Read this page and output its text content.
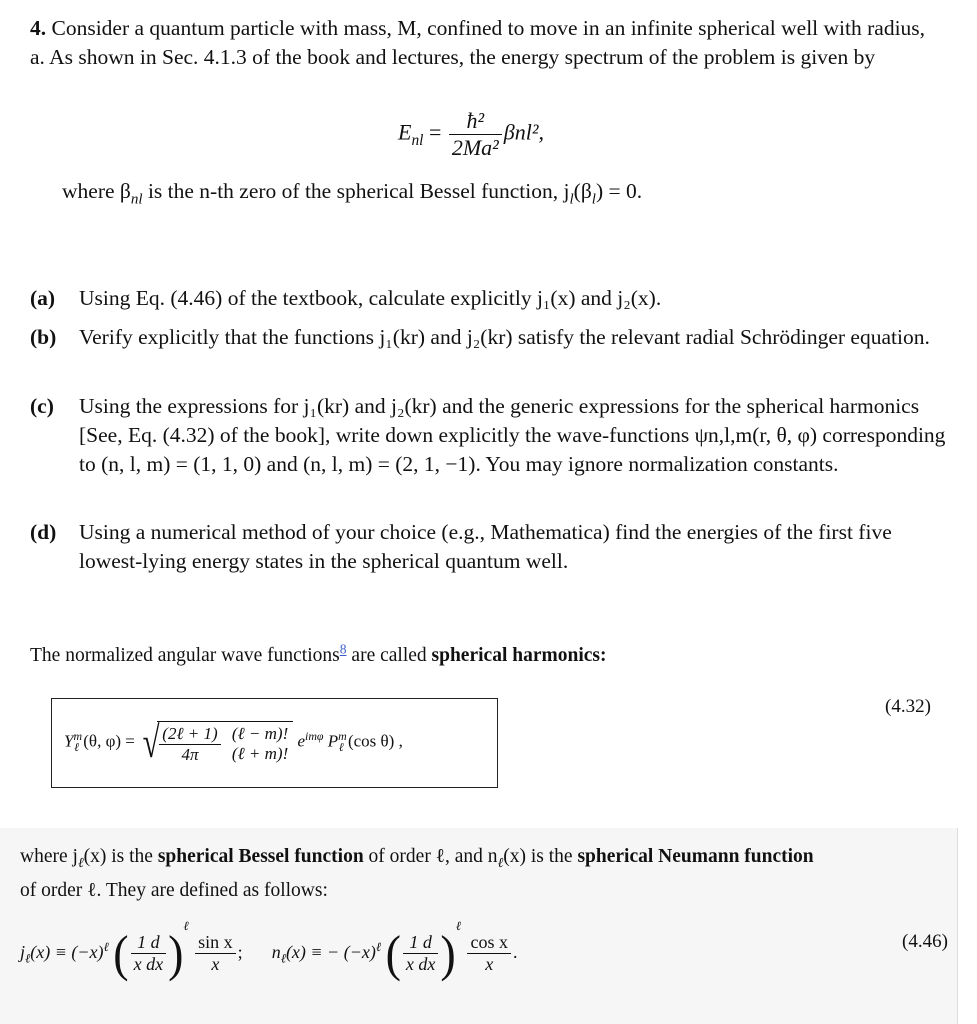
4. Consider a quantum particle with mass, M, confined to move in an infinite spherical well with radius, a. As shown in Sec. 4.1.3 of the book and lectures, the energy spectrum of the problem is given by
$E_{nl} = \frac{\text{ħ²}}{\text{2Ma²}} \beta nl^2$,
where $\beta_{nl}$ is the n-th zero of the spherical Bessel function, $j_l(\beta_l) = 0$.
(a) Using Eq. (4.46) of the textbook, calculate explicitly j₁(x) and j₂(x).
(b) Verify explicitly that the functions j₁(kr) and j₂(kr) satisfy the relevant radial Schrödinger equation.
(c) Using the expressions for j₁(kr) and j₂(kr) and the generic expressions for the spherical harmonics [See, Eq. (4.32) of the book], write down explicitly the wave-functions ψn,l,m(r, θ, φ) corresponding to (n, l, m) = (1, 1, 0) and (n, l, m) = (2, 1, −1). You may ignore normalization constants.
(d) Using a numerical method of your choice (e.g., Mathematica) find the energies of the first five lowest-lying energy states in the spherical quantum well.
The normalized angular wave functions$^8$ are called spherical harmonics:
(4.32)
$Y^m_\ell$ (θ, φ) = √ $\frac{\text{(2ℓ + 1)}}{4\pi}$
(ℓ − m)!
(ℓ + m)!
$e^{im\varphi}$ $P^m_\ell$ (cos θ) ,
where $j_\ell(x)$ is the spherical Bessel function of order ℓ, and $n_\ell(x)$ is the spherical Neumann function
of order ℓ. They are defined as follows:
(4.46)
$j_\ell(x) \equiv (-x)^\ell$ ( $\frac{1 d}{\text{x dx}} )^\ell$
$\frac{\text{sin x}}{x}$ ; $n_\ell(x)$ ≡ − $(-x)^\ell$ ( $\frac{1 d}{\text{x dx}} )^\ell$
$\frac{\text{cos x}}{x}$ .
